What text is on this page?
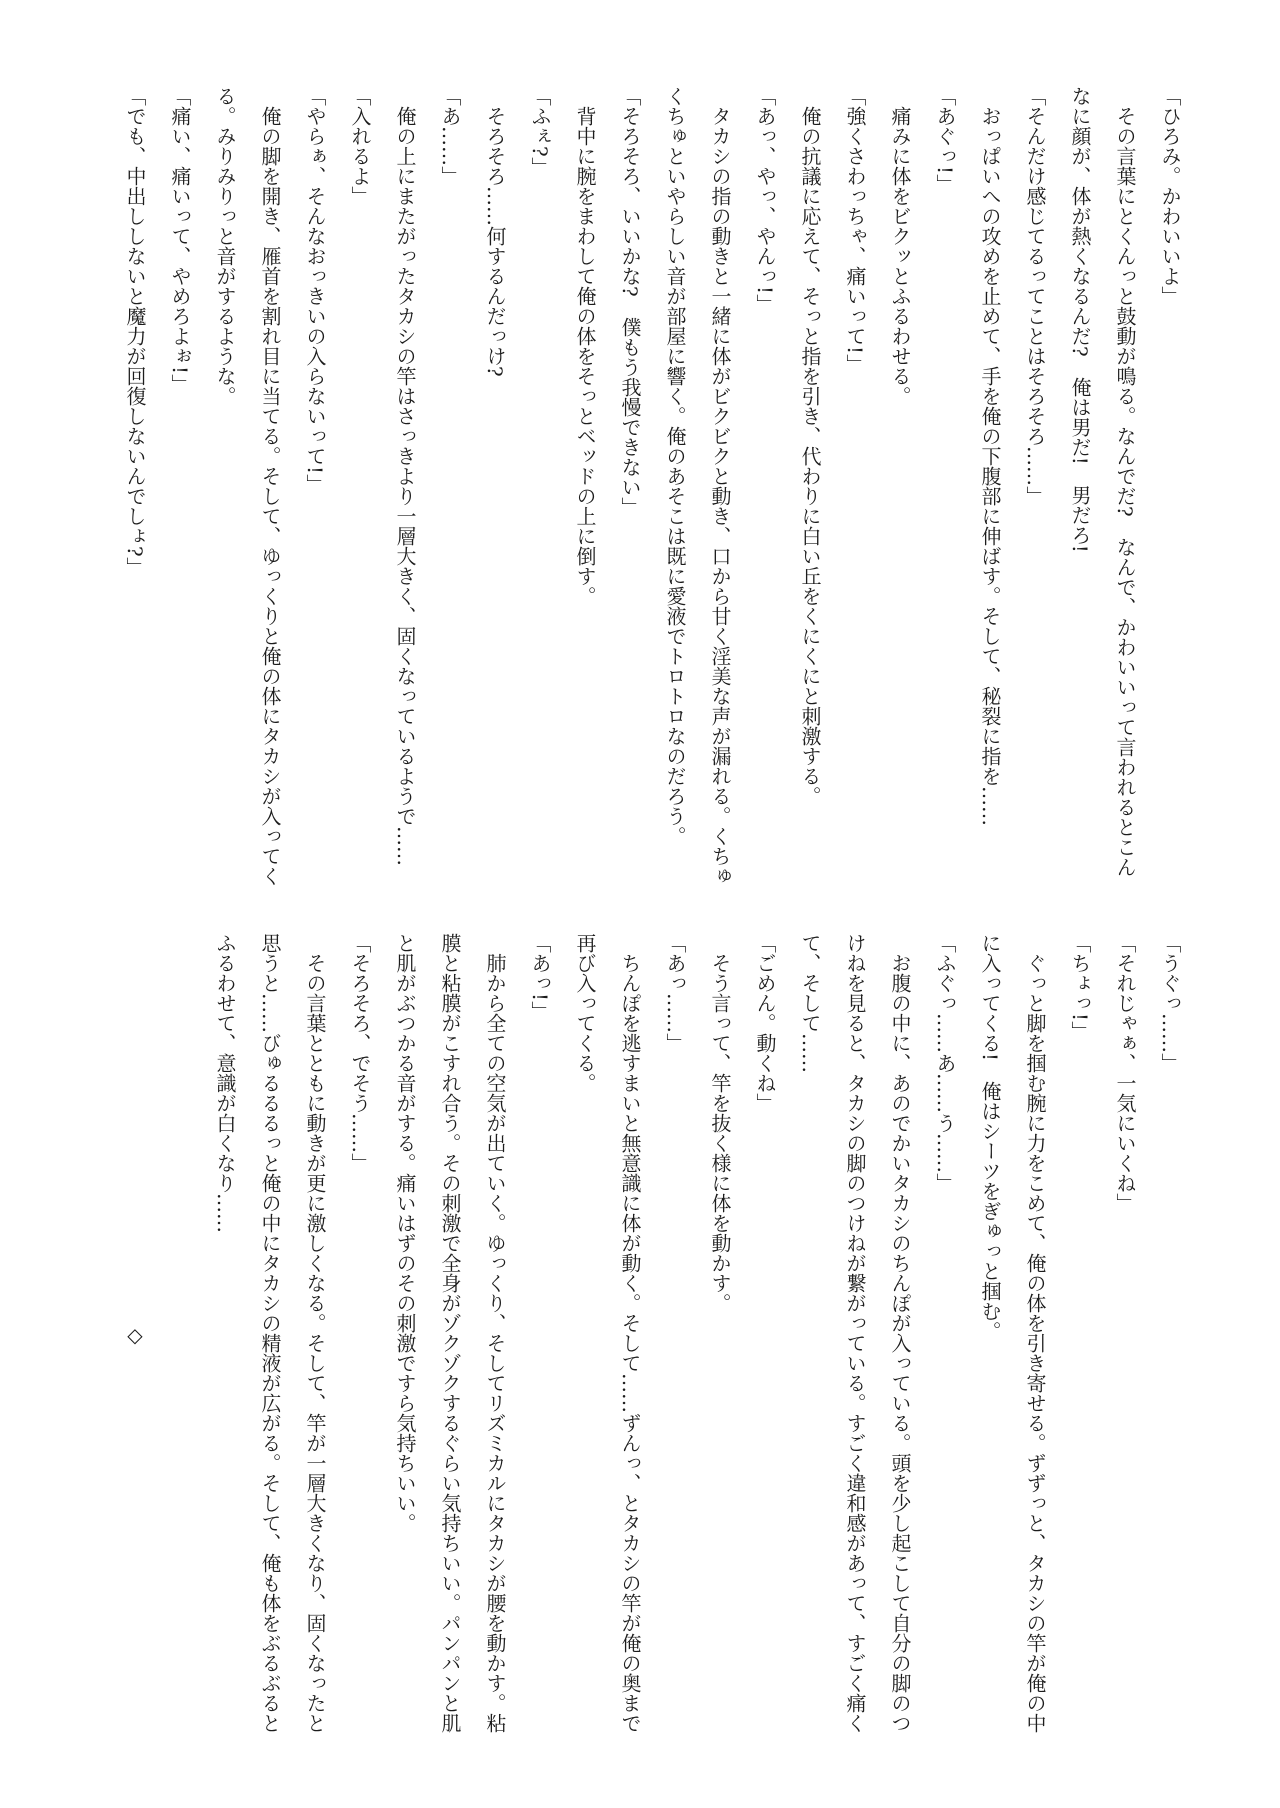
「ひろみ。かわいいよ」

その言葉にとくんっと鼓動が鳴る。なんでだ?　なんで、かわいいって言われるとこんなに顔が、体が熱くなるんだ?　俺は男だ!　男だろ!

「そんだけ感じてるってことはそろそろ……」

おっぱいへの攻めを止めて、手を俺の下腹部に伸ばす。そして、秘裂に指を……

「あぐっ!」

痛みに体をビクッとふるわせる。

「強くさわっちゃ、痛いって!」

俺の抗議に応えて、そっと指を引き、代わりに白い丘をくにくにと刺激する。

「あっ、やっ、やんっ!」

タカシの指の動きと一緒に体がビクビクと動き、口から甘く淫美な声が漏れる。くちゅくちゅといやらしい音が部屋に響く。俺のあそこは既に愛液でトロトロなのだろう。

「そろそろ、いいかな?　僕もう我慢できない」

背中に腕をまわして俺の体をそっとベッドの上に倒す。

「ふぇ?」

そろそろ……何するんだっけ?

「あ……」

俺の上にまたがったタカシの竿はさっきより一層大きく、固くなっているようで……

「入れるよ」

「やらぁ、そんなおっきいの入らないって!」

俺の脚を開き、雁首を割れ目に当てる。そして、ゆっくりと俺の体にタカシが入ってくる。みりみりっと音がするような。

「痛い、痛いって、やめろよぉ!」

「でも、中出ししないと魔力が回復しないんでしょ?」

「うぐっ……」

「それじゃぁ、一気にいくね」

「ちょっ!」

ぐっと脚を掴む腕に力をこめて、俺の体を引き寄せる。ずずっと、タカシの竿が俺の中に入ってくる!　俺はシーツをぎゅっと掴む。

「ふぐっ……あ……う……」

お腹の中に、あのでかいタカシのちんぽが入っている。頭を少し起こして自分の脚のつけねを見ると、タカシの脚のつけねが繋がっている。すごく違和感があって、すごく痛くて、そして……

「ごめん。動くね」

そう言って、竿を抜く様に体を動かす。

「あっ……」

ちんぽを逃すまいと無意識に体が動く。そして……ずんっ、とタカシの竿が俺の奥まで再び入ってくる。

「あっ!」

肺から全ての空気が出ていく。ゆっくり、そしてリズミカルにタカシが腰を動かす。粘膜と粘膜がこすれ合う。その刺激で全身がゾクゾクするぐらい気持ちいい。パンパンと肌と肌がぶつかる音がする。痛いはずのその刺激ですら気持ちいい。

「そろそろ、でそう……」

その言葉とともに動きが更に激しくなる。そして、竿が一層大きくなり、固くなったと思うと……びゅるるるっと俺の中にタカシの精液が広がる。そして、俺も体をぶるぶるとふるわせて、意識が白くなり……

◇
